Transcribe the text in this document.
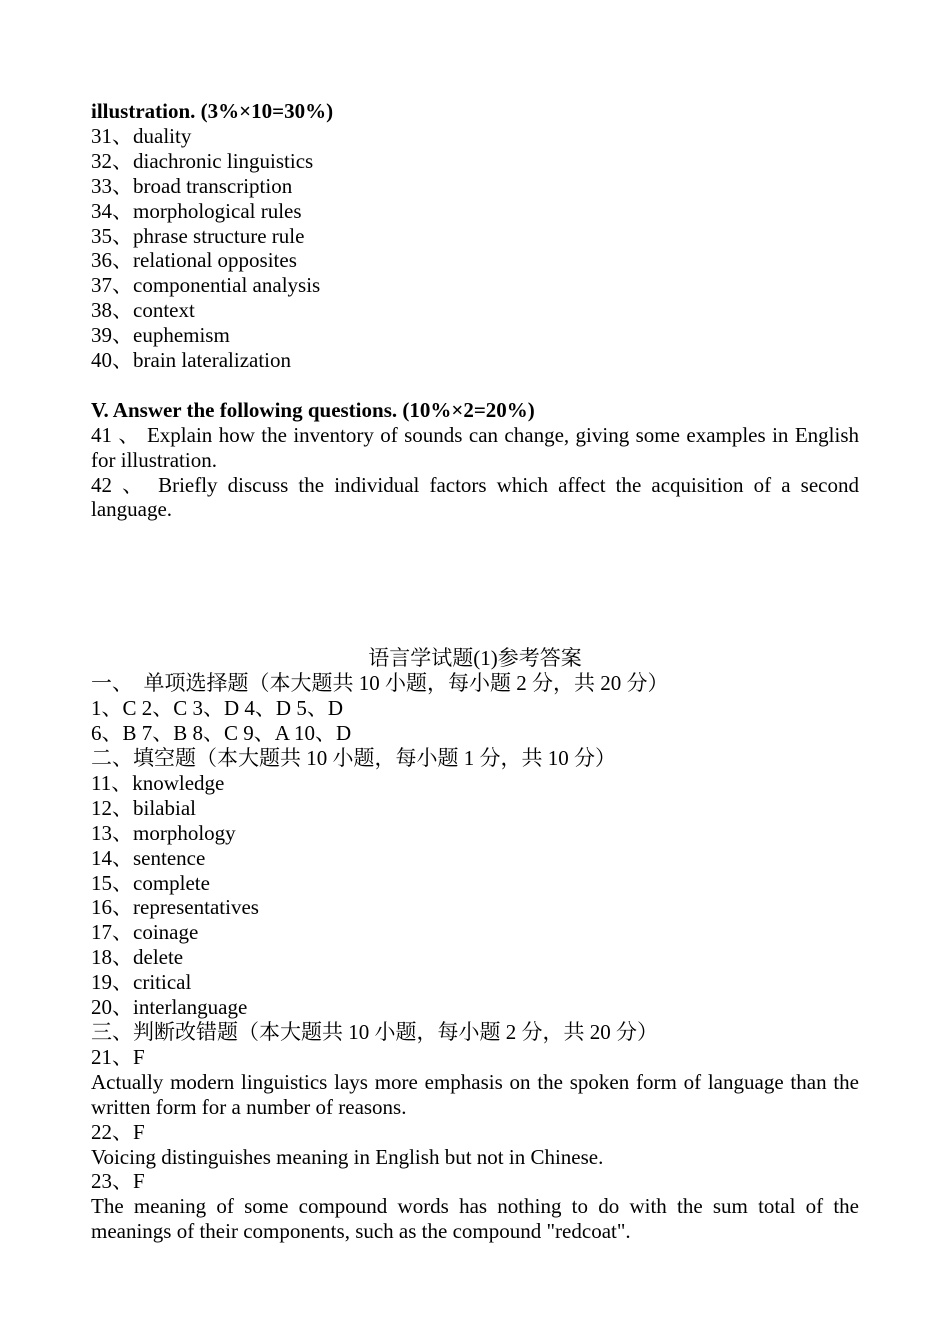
illustration. (3%×10=30%)
31、duality
32、diachronic linguistics
33、broad transcription
34、morphological rules
35、phrase structure rule
36、relational opposites
37、componential analysis
38、context
39、euphemism
40、brain lateralization
V. Answer the following questions. (10%×2=20%)
41 、 Explain how the inventory of sounds can change, giving some examples in English for illustration.
42 、 Briefly discuss the individual factors which affect the acquisition of a second language.
语言学试题(1)参考答案
一、　单项选择题（本大题共 10 小题，每小题 2 分，共 20 分）
1、C 2、C 3、D 4、D 5、D
6、B 7、B 8、C 9、A 10、D
二、填空题（本大题共 10 小题，每小题 1 分，共 10 分）
11、knowledge
12、bilabial
13、morphology
14、sentence
15、complete
16、representatives
17、coinage
18、delete
19、critical
20、interlanguage
三、判断改错题（本大题共 10 小题，每小题 2 分，共 20 分）
21、F
Actually modern linguistics lays more emphasis on the spoken form of language than the written form for a number of reasons.
22、F
Voicing distinguishes meaning in English but not in Chinese.
23、F
The meaning of some compound words has nothing to do with the sum total of the meanings of their components, such as the compound "redcoat".
